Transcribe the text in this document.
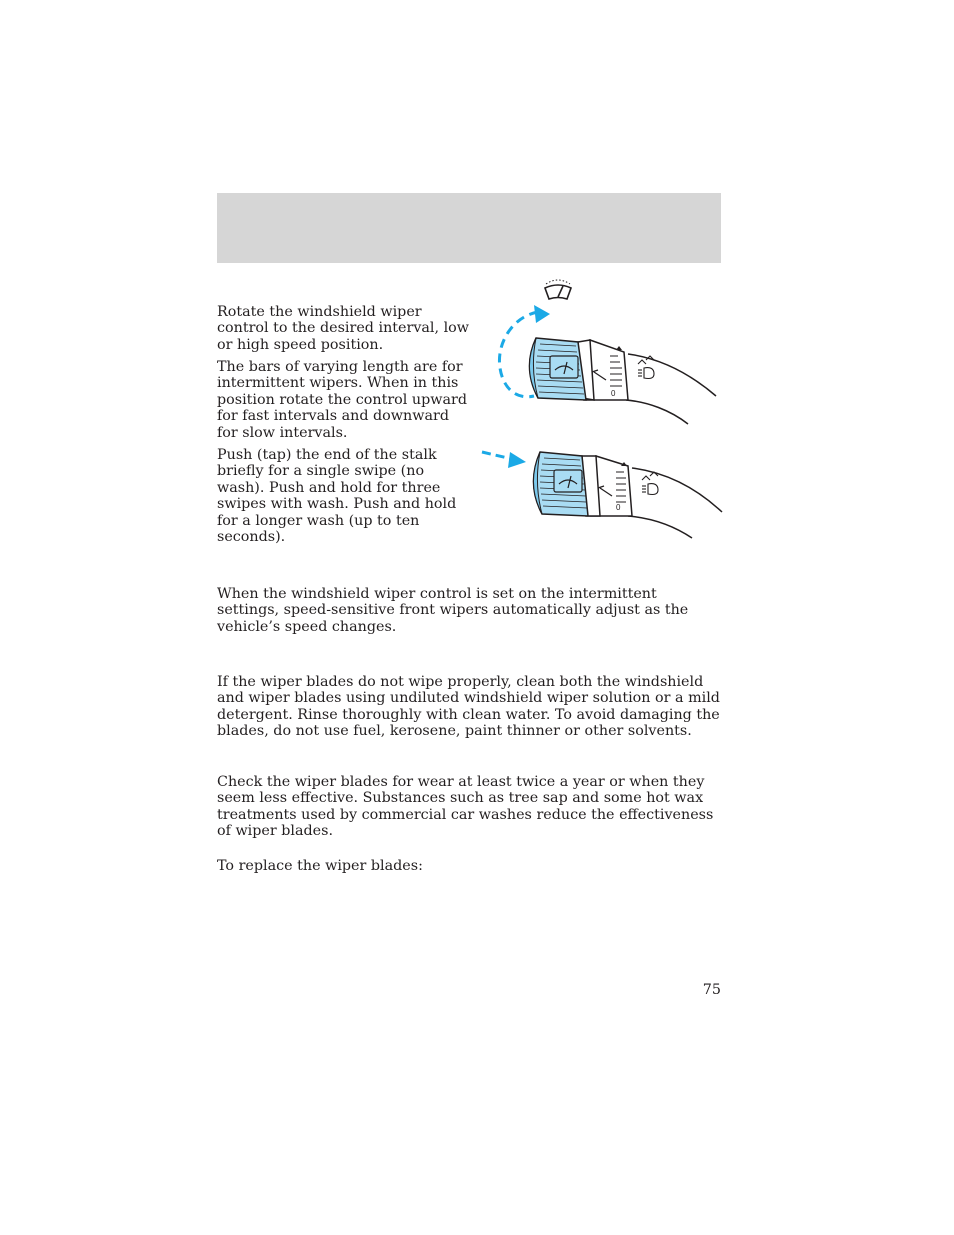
Rotate the windshield wiper control to the desired interval, low or high speed position.

The bars of varying length are for intermittent wipers. When in this position rotate the control upward for fast intervals and downward for slow intervals.

Push (tap) the end of the stalk briefly for a single swipe (no wash). Push and hold for three swipes with wash. Push and hold for a longer wash (up to ten seconds).

0
0

When the windshield wiper control is set on the intermittent settings, speed-sensitive front wipers automatically adjust as the vehicle’s speed changes.

If the wiper blades do not wipe properly, clean both the windshield and wiper blades using undiluted windshield wiper solution or a mild detergent. Rinse thoroughly with clean water. To avoid damaging the blades, do not use fuel, kerosene, paint thinner or other solvents.

Check the wiper blades for wear at least twice a year or when they seem less effective. Substances such as tree sap and some hot wax treatments used by commercial car washes reduce the effectiveness of wiper blades.

To replace the wiper blades:

75
